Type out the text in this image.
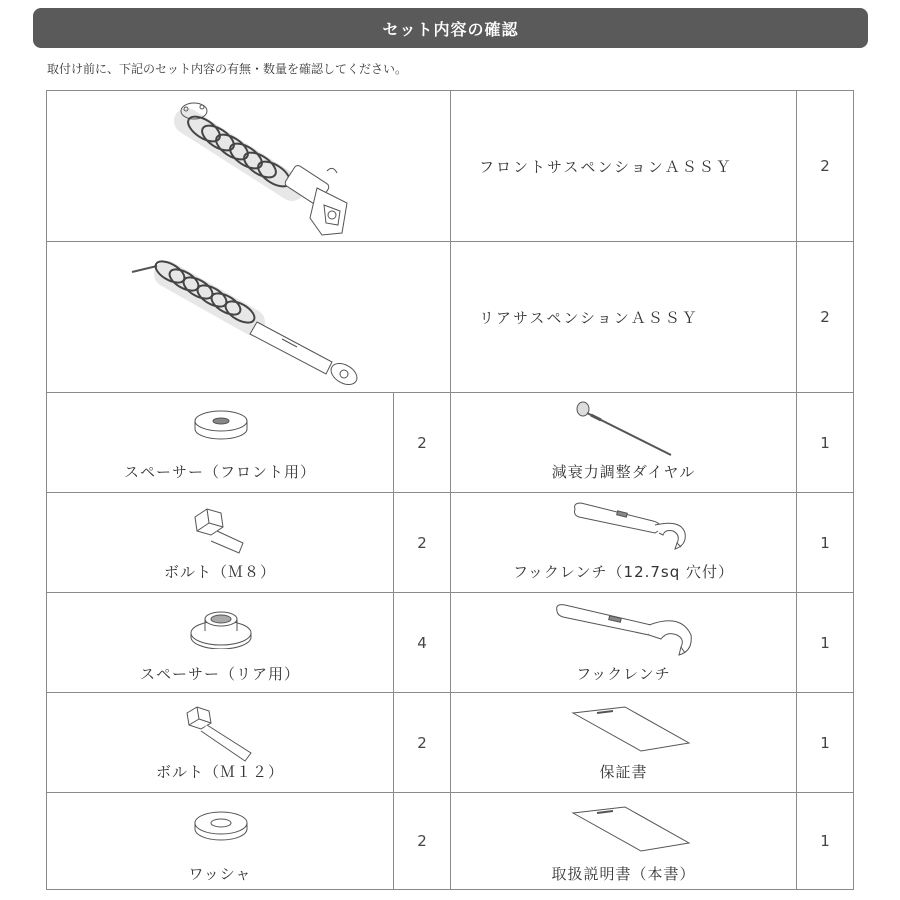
セット内容の確認
取付け前に、下記のセット内容の有無・数量を確認してください。
フロントサスペンションＡＳＳＹ	2
リアサスペンションＡＳＳＹ	2
スペーサー（フロント用）
2
減衰力調整ダイヤル
1
ボルト（Ｍ８）
2
フックレンチ（12.7sq 穴付）
1
スペーサー（リア用）
4
フックレンチ
1
ボルト（Ｍ１２）
2
保証書
1
ワッシャ
2
取扱説明書（本書）
1
